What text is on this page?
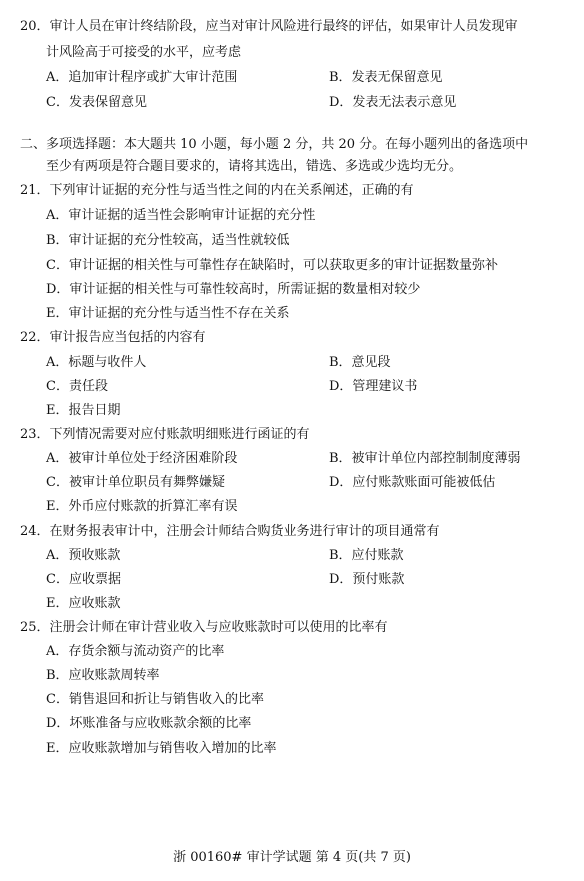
20．审计人员在审计终结阶段，应当对审计风险进行最终的评估，如果审计人员发现审
计风险高于可接受的水平，应考虑
A．追加审计程序或扩大审计范围	B．发表无保留意见
C．发表保留意见	D．发表无法表示意见
二、多项选择题：本大题共 10 小题，每小题 2 分，共 20 分。在每小题列出的备选项中
至少有两项是符合题目要求的，请将其选出，错选、多选或少选均无分。
21．下列审计证据的充分性与适当性之间的内在关系阐述，正确的有
A．审计证据的适当性会影响审计证据的充分性
B．审计证据的充分性较高，适当性就较低
C．审计证据的相关性与可靠性存在缺陷时，可以获取更多的审计证据数量弥补
D．审计证据的相关性与可靠性较高时，所需证据的数量相对较少
E．审计证据的充分性与适当性不存在关系
22．审计报告应当包括的内容有
A．标题与收件人	B．意见段
C．责任段	D．管理建议书
E．报告日期
23．下列情况需要对应付账款明细账进行函证的有
A．被审计单位处于经济困难阶段	B．被审计单位内部控制制度薄弱
C．被审计单位职员有舞弊嫌疑	D．应付账款账面可能被低估
E．外币应付账款的折算汇率有误
24．在财务报表审计中，注册会计师结合购货业务进行审计的项目通常有
A．预收账款	B．应付账款
C．应收票据	D．预付账款
E．应收账款
25．注册会计师在审计营业收入与应收账款时可以使用的比率有
A．存货余额与流动资产的比率
B．应收账款周转率
C．销售退回和折让与销售收入的比率
D．坏账准备与应收账款余额的比率
E．应收账款增加与销售收入增加的比率
浙 00160# 审计学试题 第 4 页(共 7 页)
